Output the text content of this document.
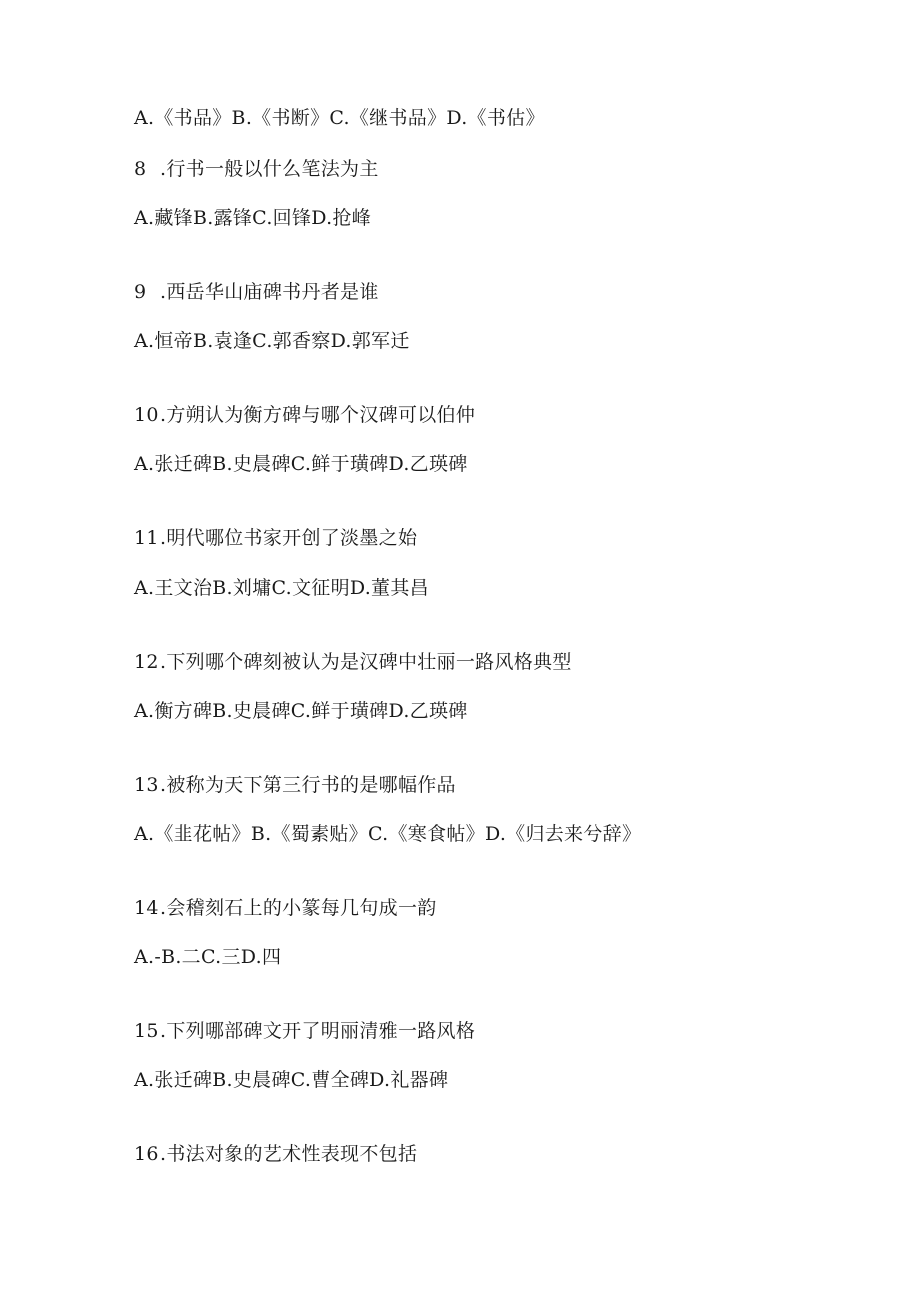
A.《书品》B.《书断》C.《继书品》D.《书估》
8 .行书一般以什么笔法为主
A.藏锋B.露锋C.回锋D.抢峰
9 .西岳华山庙碑书丹者是谁
A.恒帝B.袁逢C.郭香察D.郭军迁
10.方朔认为衡方碑与哪个汉碑可以伯仲
A.张迁碑B.史晨碑C.鲜于璜碑D.乙瑛碑
11.明代哪位书家开创了淡墨之始
A.王文治B.刘墉C.文征明D.董其昌
12.下列哪个碑刻被认为是汉碑中壮丽一路风格典型
A.衡方碑B.史晨碑C.鲜于璜碑D.乙瑛碑
13.被称为天下第三行书的是哪幅作品
A.《韭花帖》B.《蜀素贴》C.《寒食帖》D.《归去来兮辞》
14.会稽刻石上的小篆每几句成一韵
A.-B.二C.三D.四
15.下列哪部碑文开了明丽清雅一路风格
A.张迁碑B.史晨碑C.曹全碑D.礼器碑
16.书法对象的艺术性表现不包括
